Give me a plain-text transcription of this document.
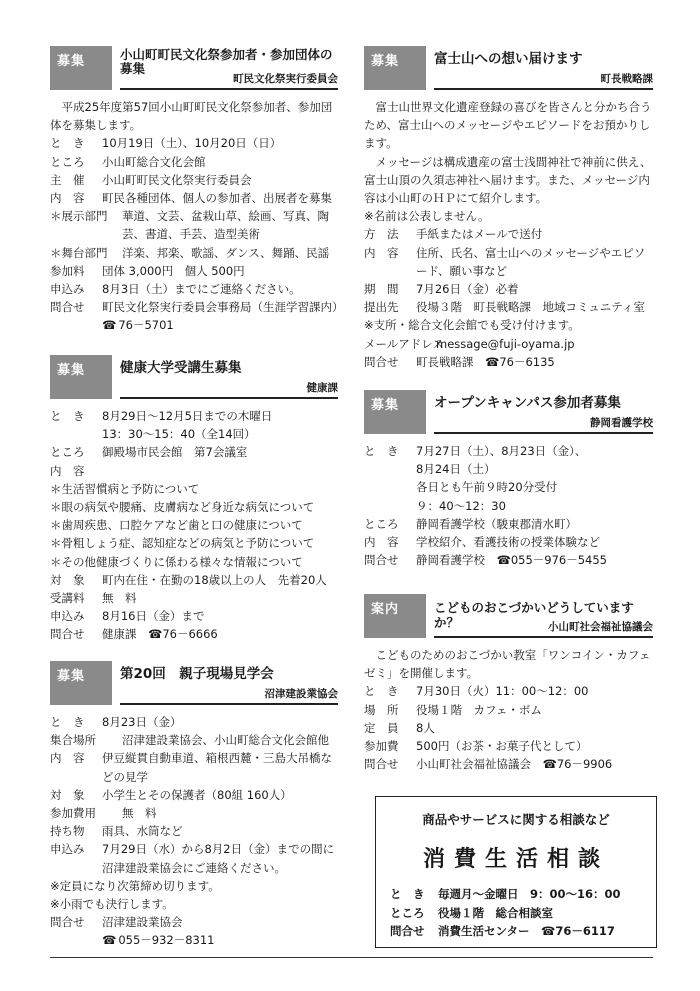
募集	小山町町民文化祭参加者・参加団体の募集
町民文化祭実行委員会
平成25年度第57回小山町町民文化祭参加者、参加団体を募集します。
と　き	10月19日（土）、10月20日（日）
ところ	小山町総合文化会館
主　催	小山町町民文化祭実行委員会
内　容	町民各種団体、個人の参加者、出展者を募集
＊展示部門	華道、文芸、盆栽山草、絵画、写真、陶芸、書道、手芸、造型美術
＊舞台部門	洋楽、邦楽、歌謡、ダンス、舞踊、民謡
参加料	団体 3,000円　個人 500円
申込み	8月3日（土）までにご連絡ください。
問合せ	町民文化祭実行委員会事務局（生涯学習課内）
☎ 76－5701
募集	健康大学受講生募集
健康課
と　き	8月29日～12月5日までの木曜日
13：30～15：40（全14回）
ところ	御殿場市民会館　第7会議室
内　容
＊生活習慣病と予防について
＊眼の病気や腰痛、皮膚病など身近な病気について
＊歯周疾患、口腔ケアなど歯と口の健康について
＊骨粗しょう症、認知症などの病気と予防について
＊その他健康づくりに係わる様々な情報について
対　象	町内在住・在勤の18歳以上の人　先着20人
受講料	無　料
申込み	8月16日（金）まで
問合せ	健康課　☎76－6666
募集	第20回　親子現場見学会
沼津建設業協会
と　き	8月23日（金）
集合場所	沼津建設業協会、小山町総合文化会館他
内　容	伊豆縦貫自動車道、箱根西麓・三島大吊橋などの見学
対　象	小学生とその保護者（80組 160人）
参加費用	無　料
持ち物	雨具、水筒など
申込み	7月29日（水）から8月2日（金）までの間に沼津建設業協会にご連絡ください。
※定員になり次第締め切ります。
※小雨でも決行します。
問合せ	沼津建設業協会
☎ 055－932－8311
募集	富士山への想い届けます
町長戦略課
富士山世界文化遺産登録の喜びを皆さんと分かち合うため、富士山へのメッセージやエピソードをお預かりします。
メッセージは構成遺産の富士浅間神社で神前に供え、富士山頂の久須志神社へ届けます。また、メッセージ内容は小山町のＨＰにて紹介します。
※名前は公表しません。
方　法	手紙またはメールで送付
内　容	住所、氏名、富士山へのメッセージやエピソード、願い事など
期　間	7月26日（金）必着
提出先	役場３階　町長戦略課　地域コミュニティ室
※支所・総合文化会館でも受け付けます。
メールアドレス
message@fuji-oyama.jp
問合せ	町長戦略課　☎76－6135
募集	オープンキャンパス参加者募集
静岡看護学校
と　き	7月27日（土）、8月23日（金）、
8月24日（土）
各日とも午前９時20分受付
９：40～12：30
ところ	静岡看護学校（駿東郡清水町）
内　容	学校紹介、看護技術の授業体験など
問合せ	静岡看護学校　☎055－976－5455
案内	こどものおこづかいどうしていますか？	小山町社会福祉協議会
こどものためのおこづかい教室「ワンコイン・カフェゼミ」を開催します。
と　き	7月30日（火）11：00～12：00
場　所	役場１階　カフェ・ボム
定　員	8人
参加費	500円（お茶・お菓子代として）
問合せ	小山町社会福祉協議会　☎76－9906
商品やサービスに関する相談など
消費生活相談
と　き	毎週月～金曜日　9：00～16：00
ところ	役場１階　総合相談室
問合せ	消費生活センター　☎76－6117
